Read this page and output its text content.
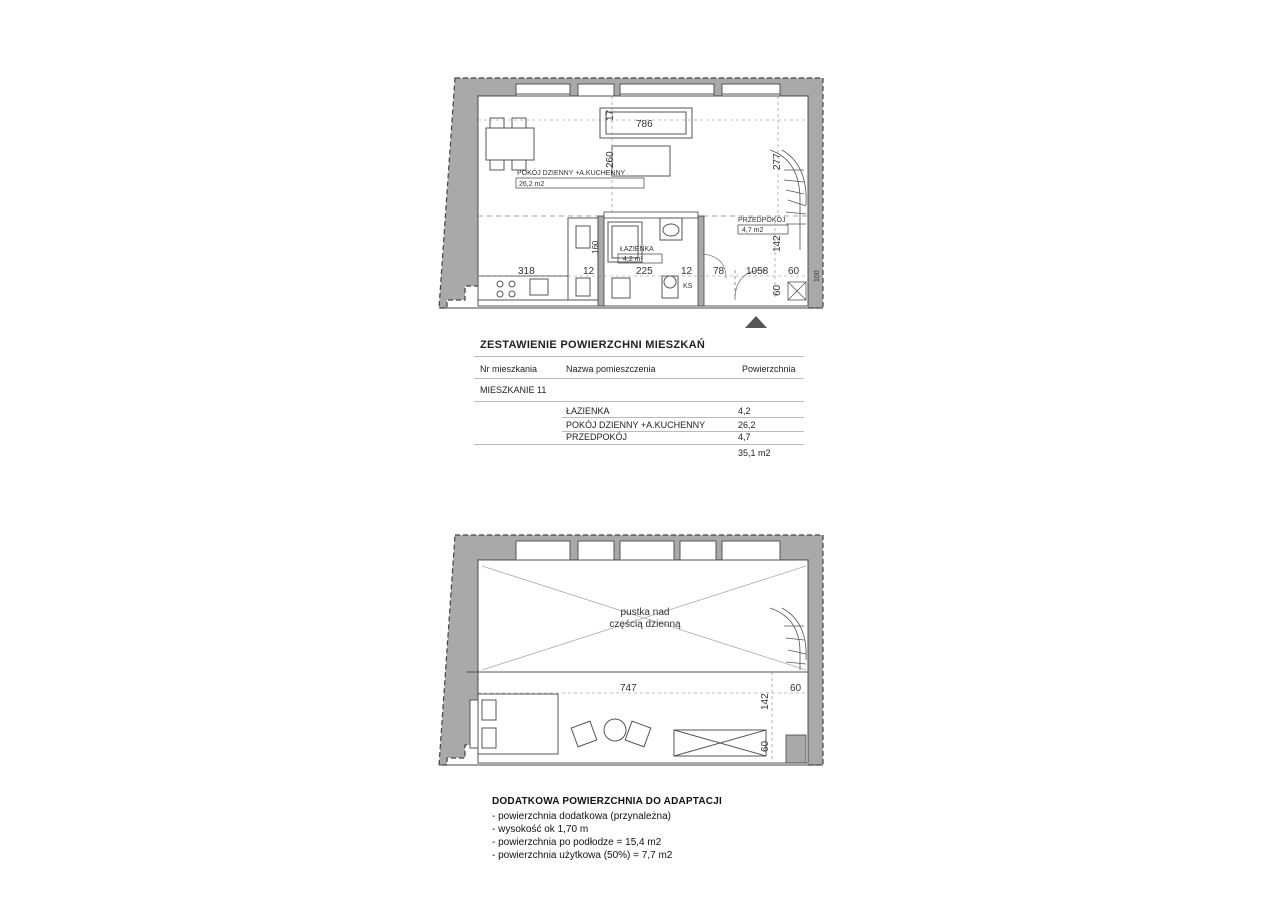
POKÓJ DZIENNY +A.KUCHENNY
26,2 m2
ŁAZIENKA
4,2 m²
PRZEDPOKÓJ
4,7 m2
786
17
260	277
318	12	225	12 78 1058 60
160	142
60
100
KS
pustka nad
częścią dzienną
747	60
142
60
ZESTAWIENIE POWIERZCHNI MIESZKAŃ
Nr mieszkania	Nazwa pomieszczenia	Powierzchnia
MIESZKANIE 11
ŁAZIENKA	4,2
POKÓJ DZIENNY +A.KUCHENNY	26,2
PRZEDPOKÓJ	4,7
35,1 m2
DODATKOWA POWIERZCHNIA DO ADAPTACJI
- powierzchnia dodatkowa (przynależna)
- wysokość ok 1,70 m
- powierzchnia po podłodze = 15,4 m2
- powierzchnia użytkowa (50%) = 7,7 m2
